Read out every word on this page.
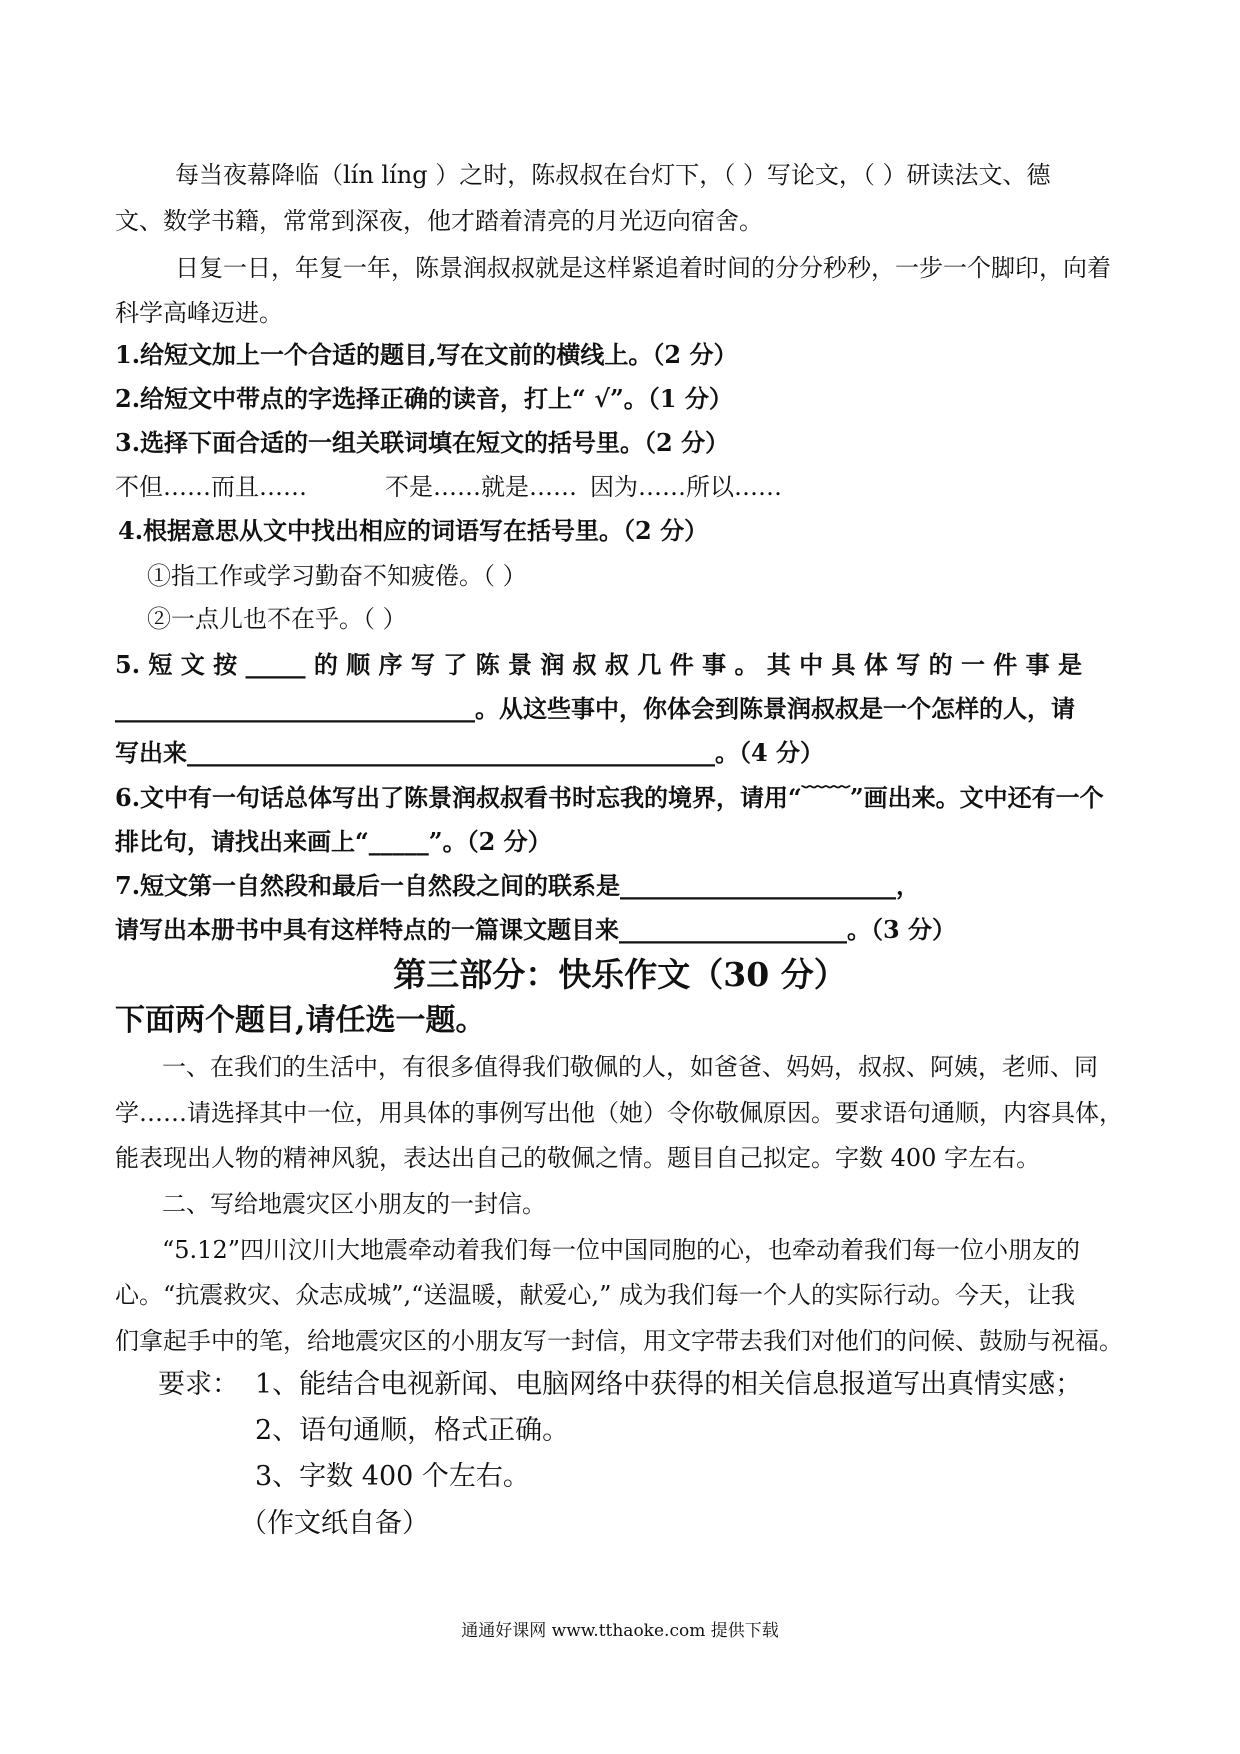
每当夜幕降临（lín líng ）之时，陈叔叔在台灯下，（ ）写论文，（ ）研读法文、德
文、数学书籍，常常到深夜，他才踏着清亮的月光迈向宿舍。
日复一日，年复一年，陈景润叔叔就是这样紧追着时间的分分秒秒，一步一个脚印，向着
科学高峰迈进。
1.给短文加上一个合适的题目,写在文前的横线上。（2 分）
2.给短文中带点的字选择正确的读音，打上“ √”。（1 分）
3.选择下面合适的一组关联词填在短文的括号里。（2 分）
不但……而且……	不是……就是…… 因为……所以……
4.根据意思从文中找出相应的词语写在括号里。（2 分）
①指工作或学习勤奋不知疲倦。（ ）
②一点儿也不在乎。（ ）
5. 短 文 按 _____ 的 顺 序 写 了 陈 景 润 叔 叔 几 件 事 。 其 中 具 体 写 的 一 件 事 是
______________________________。从这些事中，你体会到陈景润叔叔是一个怎样的人，请
写出来____________________________________________。（4 分）
6.文中有一句话总体写出了陈景润叔叔看书时忘我的境界，请用“﹋﹋”画出来。文中还有一个
排比句，请找出来画上“_____”。（2 分）
7.短文第一自然段和最后一自然段之间的联系是_______________________，
请写出本册书中具有这样特点的一篇课文题目来___________________。（3 分）
第三部分：快乐作文（30 分）
下面两个题目,请任选一题。
一、在我们的生活中，有很多值得我们敬佩的人，如爸爸、妈妈，叔叔、阿姨，老师、同
学……请选择其中一位，用具体的事例写出他（她）令你敬佩原因。要求语句通顺，内容具体，
能表现出人物的精神风貌，表达出自己的敬佩之情。题目自己拟定。字数 400 字左右。
二、写给地震灾区小朋友的一封信。
“5.12”四川汶川大地震牵动着我们每一位中国同胞的心，也牵动着我们每一位小朋友的
心。“抗震救灾、众志成城”,“送温暖，献爱心,” 成为我们每一个人的实际行动。今天，让我
们拿起手中的笔，给地震灾区的小朋友写一封信，用文字带去我们对他们的问候、鼓励与祝福。
要求： 1、能结合电视新闻、电脑网络中获得的相关信息报道写出真情实感；
2、语句通顺，格式正确。
3、字数 400 个左右。
（作文纸自备）
通通好课网 www.tthaoke.com 提供下载
